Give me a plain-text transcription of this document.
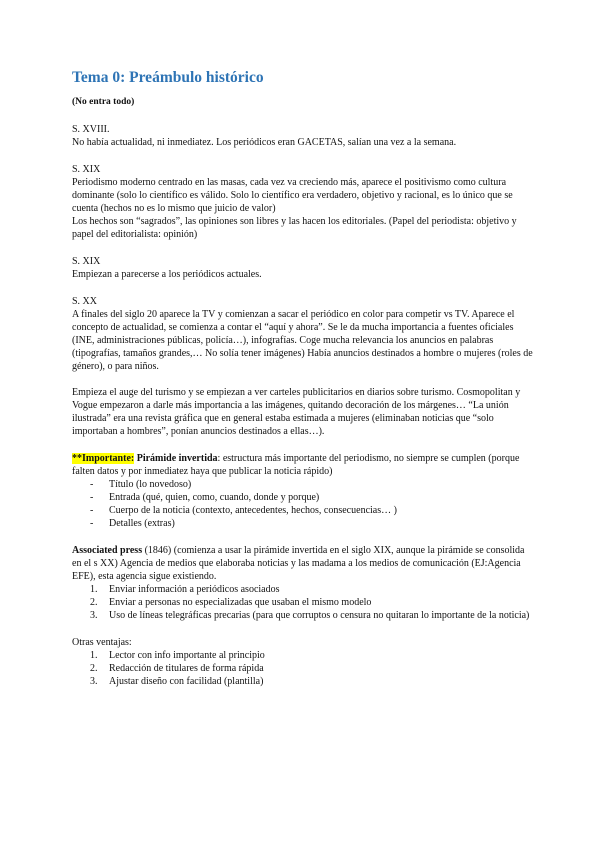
Tema 0: Preámbulo histórico
(No entra todo)
S. XVIII.

No había actualidad, ni inmediatez. Los periódicos eran GACETAS, salían una vez a la semana.

S. XIX

Periodismo moderno centrado en las masas, cada vez va creciendo más, aparece el positivismo como cultura dominante (solo lo científico es válido. Solo lo científico era verdadero, objetivo y racional, es lo único que se cuenta (hechos no es lo mismo que juicio de valor)

Los hechos son “sagrados”, las opiniones son libres y las hacen los editoriales. (Papel del periodista: objetivo y papel del editorialista: opinión)

S. XIX

Empiezan a parecerse a los periódicos actuales.

S. XX

A finales del siglo 20 aparece la TV y comienzan a sacar el periódico en color para competir vs TV. Aparece el concepto de actualidad, se comienza a contar el “aquí y ahora”. Se le da mucha importancia a fuentes oficiales (INE, administraciones públicas, policía…), infografías. Coge mucha relevancia los anuncios en palabras (tipografías, tamaños grandes,… No solía tener imágenes) Había anuncios destinados a hombre o mujeres (roles de género), o para niños.

Empieza el auge del turismo y se empiezan a ver carteles publicitarios en diarios sobre turismo. Cosmopolitan y Vogue empezaron a darle más importancia a las imágenes, quitando decoración de los márgenes… “La unión ilustrada” era una revista gráfica que en general estaba estimada a mujeres (eliminaban noticias que “solo importaban a hombres”, ponían anuncios destinados a ellas…).

**Importante: Pirámide invertida: estructura más importante del periodismo, no siempre se cumplen (porque falten datos y por inmediatez haya que publicar la noticia rápido)

- Título (lo novedoso)
- Entrada (qué, quien, como, cuando, donde y porque)
- Cuerpo de la noticia (contexto, antecedentes, hechos, consecuencias… )
- Detalles (extras)

Associated press (1846) (comienza a usar la pirámide invertida en el siglo XIX, aunque la pirámide se consolida en el s XX) Agencia de medios que elaboraba noticias y las madama a los medios de comunicación (EJ:Agencia EFE), esta agencia sigue existiendo.

1. Enviar información a periódicos asociados
2. Enviar a personas no especializadas que usaban el mismo modelo
3. Uso de líneas telegráficas precarias (para que corruptos o censura no quitaran lo importante de la noticia)

Otras ventajas:

1. Lector con info importante al principio
2. Redacción de titulares de forma rápida
3. Ajustar diseño con facilidad (plantilla)
